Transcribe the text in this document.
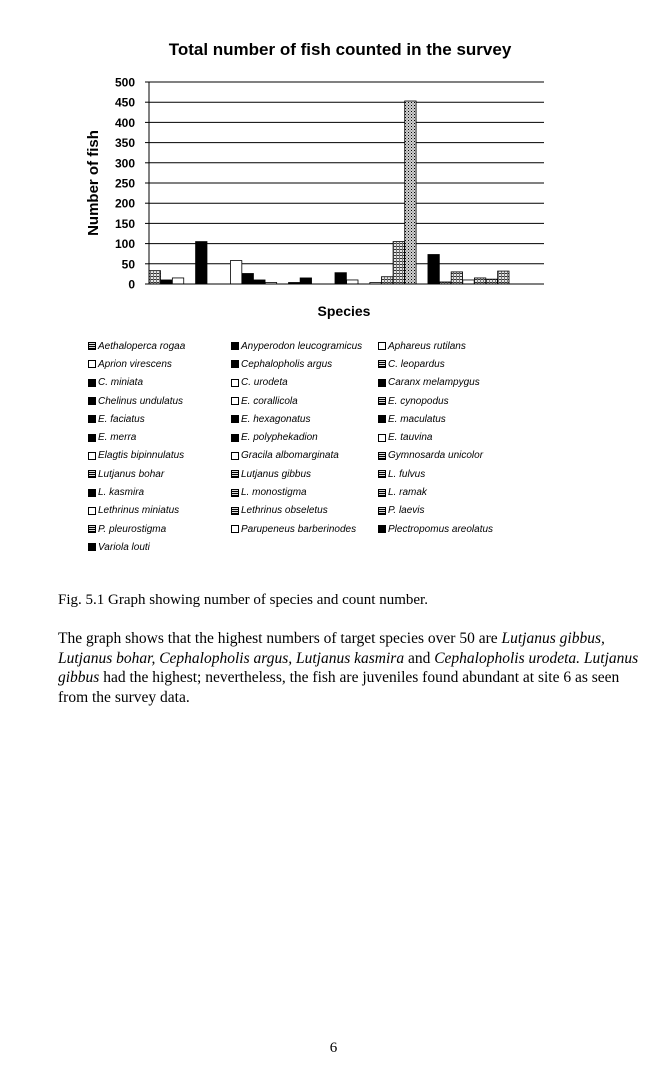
Total number of fish counted in the survey
0
50
100
150
200
250
300
350
400
450
500
Number of fish
Species
Aethaloperca rogaa	Anyperodon leucogramicus	Aphareus rutilans
Aprion virescens	Cephalopholis argus	C. leopardus
C. miniata	C. urodeta	Caranx melampygus
Chelinus undulatus	E. corallicola	E. cynopodus
E. faciatus	E. hexagonatus	E. maculatus
E. merra	E. polyphekadion	E. tauvina
Elagtis bipinnulatus	Gracila albomarginata	Gymnosarda unicolor
Lutjanus bohar	Lutjanus gibbus	L. fulvus
L. kasmira	L. monostigma	L. ramak
Lethrinus miniatus	Lethrinus obseletus	P. laevis
P. pleurostigma	Parupeneus barberinodes	Plectropomus areolatus
Variola louti
Fig. 5.1 Graph showing number of species and count number.
The graph shows that the highest numbers of target species over 50 are Lutjanus gibbus, Lutjanus bohar, Cephalopholis argus, Lutjanus kasmira and Cephalopholis urodeta. Lutjanus gibbus had the highest; nevertheless, the fish are juveniles found abundant at site 6 as seen from the survey data.
6
